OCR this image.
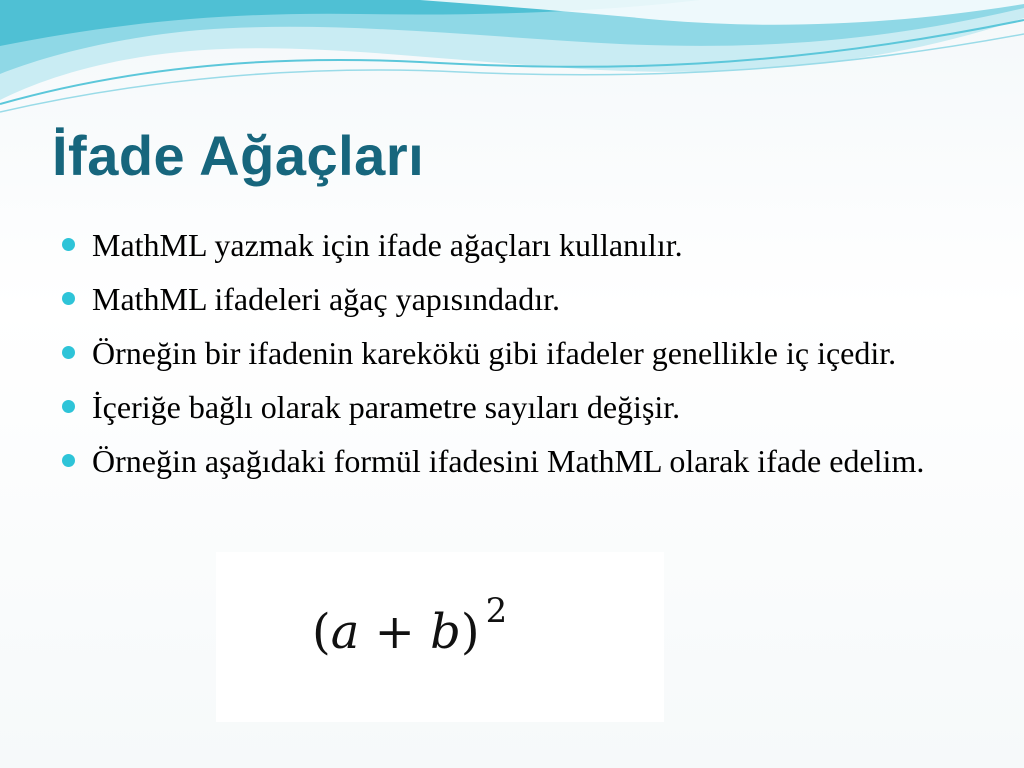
İfade Ağaçları
MathML yazmak için ifade ağaçları kullanılır.
MathML ifadeleri ağaç yapısındadır.
Örneğin bir ifadenin karekökü gibi ifadeler genellikle iç içedir.
İçeriğe bağlı olarak parametre sayıları değişir.
Örneğin aşağıdaki formül ifadesini MathML olarak ifade edelim.
(a + b) $^2$
